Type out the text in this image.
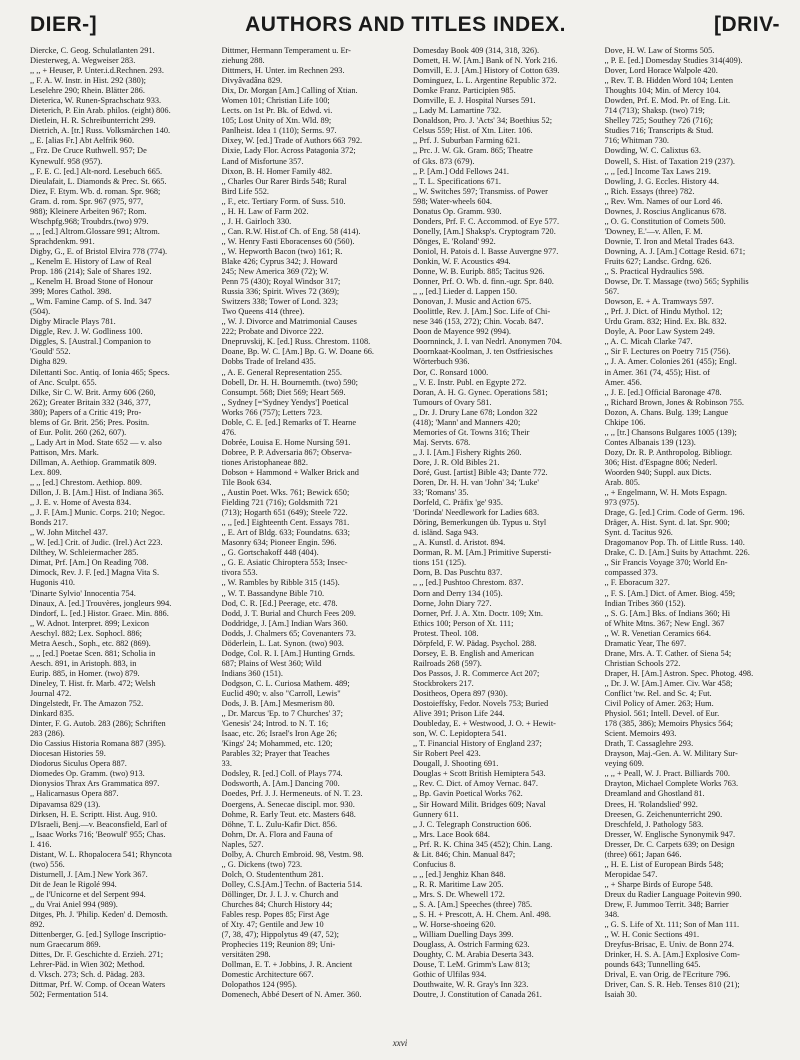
DIER-]	AUTHORS AND TITLES INDEX.	[DRIV-

Diercke, C. Geog. Schulatlanten 291.

Diesterweg, A. Wegweiser 283.

,, ,, + Heuser, P. Unter.i.d.Rechnen. 293.

,, F. A. W. Instr. in Hist. 292 (380);

Leselehre 290; Rhein. Blätter 286.

Dieterica, W. Runen-Sprachschatz 933.

Dieterich, P. Ein Arab. philos. (eight) 806.

Dietlein, H. R. Schreibunterricht 299.

Dietrich, A. [tr.] Russ. Volksmärchen 140.

,, E. [alias Fr.] Abt Aelfrik 960.

,, Frz. De Cruce Ruthwell. 957; De

Kynewulf. 958 (957).

,, F. E. C. [ed.] Alt-nord. Lesebuch 665.

Dieulafait, L. Diamonds & Prec. St. 665.

Diez, F. Etym. Wb. d. roman. Spr. 968;

Gram. d. rom. Spr. 967 (975, 977,

988); Kleinere Arbeiten 967; Rom.

Wtschpfg.968; Troubdrs.(two) 979.

,, ,, [ed.] Altrom.Glossare 991; Altrom.

Sprachdenkm. 991.

Digby, G., E. of Bristol Elvira 778 (774).

,, Kenelm E. History of Law of Real

Prop. 186 (214); Sale of Shares 192.

,, Kenelm H. Broad Stone of Honour

399; Mores Cathol. 398.

,, Wm. Famine Camp. of S. Ind. 347

(504).

Digby Miracle Plays 781.

Diggle, Rev. J. W. Godliness 100.

Diggles, S. [Austral.] Companion to

'Gould' 552.

Digha 829.

Dilettanti Soc. Antiq. of Ionia 465; Specs.

of Anc. Sculpt. 655.

Dilke, Sir C. W. Brit. Army 606 (260,

262); Greater Britain 332 (346, 377,

380); Papers of a Critic 419; Pro-

blems of Gr. Brit. 256; Pres. Positn.

of Eur. Polit. 260 (262, 607).

,, Lady Art in Mod. State 652 — v. also

Pattison, Mrs. Mark.

Dillman, A. Aethiop. Grammatik 809.

Lex. 809.

,, ,, [ed.] Chrestom. Aethiop. 809.

Dillon, J. B. [Am.] Hist. of Indiana 365.

,, J. E. v. Home of Avesta 834.

,, J. F. [Am.] Munic. Corps. 210; Negoc.

Bonds 217.

,, W. John Mitchel 437.

,, W. [ed.] Crit. of Judic. (Irel.) Act 223.

Dilthey, W. Schleiermacher 285.

Dimat, Prf. [Am.] On Reading 708.

Dimock, Rev. J. F. [ed.] Magna Vita S.

Hugonis 410.

'Dinarte Sylvio' Innocentia 754.

Dinaux, A. [ed.] Trouvères, jongleurs 994.

Dindorf, L. [ed.] Histor. Graec. Min. 886.

,, W. Adnot. Interpret. 899; Lexicon

Aeschyl. 882; Lex. Sophocl. 886;

Metra Aesch., Soph., etc. 882 (869).

,, ,, [ed.] Poetae Scen. 881; Scholia in

Aesch. 891, in Aristoph. 883, in

Eurip. 885, in Homer. (two) 879.

Dineley, T. Hist. fr. Marb. 472; Welsh

Journal 472.

Dingelstedt, Fr. The Amazon 752.

Dinkard 835.

Dinter, F. G. Autob. 283 (286); Schriften

283 (286).

Dio Cassius Historia Romana 887 (395).

Diocesan Histories 59.

Diodorus Siculus Opera 887.

Diomedes Op. Gramm. (two) 913.

Dionysios Thrax Ars Grammatica 897.

,, Halicarnasus Opera 887.

Dipavamsa 829 (13).

Dirksen, H. E. Scriptt. Hist. Aug. 910.

D'Israeli, Benj.—v. Beaconsfield, Earl of

,, Isaac Works 716; 'Beowulf' 955; Chas.

I. 416.

Distant, W. L. Rhopalocera 541; Rhyncota

(two) 556.

Disturnell, J. [Am.] New York 367.

Dit de Jean le Rigolé 994.

,, de l'Unicorne et del Serpent 994.

,, du Vrai Aniel 994 (989).

Ditges, Ph. J. 'Philip. Keden' d. Demosth.

892.

Dittenberger, G. [ed.] Sylloge Inscriptio-

num Graecarum 869.

Dittes, Dr. F. Geschichte d. Erzieh. 271;

Lehrer-Päd. in Wien 302; Method.

d. Vksch. 273; Sch. d. Pädag. 283.

Dittmar, Prf. W. Comp. of Ocean Waters

502; Fermentation 514.

Dittmer, Hermann Temperament u. Er-

ziehung 288.

Dittmers, H. Unter. im Rechnen 293.

Divyâvadâna 829.

Dix, Dr. Morgan [Am.] Calling of Xtian.

Women 101; Christian Life 100;

Lects. on 1st Pr. Bk. of Edwd. vi.

105; Lost Unity of Xtn. Wld. 89;

Panlheist. Idea 1 (110); Serms. 97.

Dixey, W. [ed.] Trade of Authors 663 792.

Dixie, Lady Flor. Across Patagonia 372;

Land of Misfortune 357.

Dixon, B. H. Homer Family 482.

,, Charles Our Rarer Birds 548; Rural

Bird Life 552.

,, F., etc. Tertiary Form. of Suss. 510.

,, H. H. Law of Farm 202.

,, J. H. Gairloch 330.

,, Can. R.W. Hist.of Ch. of Eng. 58 (414).

,, W. Henry Fasti Eboracenses 60 (560).

,, W. Hepworth Bacon (two) 161; R.

Blake 426; Cyprus 342; J. Howard

245; New America 369 (72); W.

Penn 75 (430); Royal Windsor 317;

Russia 336; Spirit. Wives 72 (369);

Switzers 338; Tower of Lond. 323;

Two Queens 414 (three).

,, W. J. Divorce and Matrimonial Causes

222; Probate and Divorce 222.

Dnepruvskij, K. [ed.] Russ. Chrestom. 1108.

Doane, Bp. W. C. [Am.] Bp. G. W. Doane 66.

Dobbs Trade of Ireland 435.

,, A. E. General Representation 255.

Dobell, Dr. H. H. Bournemth. (two) 590;

Consumpt. 568; Diet 569; Heart 569.

,, Sydney [='Sydney Yendys'] Poetical

Works 766 (757); Letters 723.

Doble, C. E. [ed.] Remarks of T. Hearne

476.

Dobrée, Louisa E. Home Nursing 591.

Dobree, P. P. Adversaria 867; Observa-

tiones Aristophaneae 882.

Dobson + Hammond + Walker Brick and

Tile Book 634.

,, Austin Poet. Wks. 761; Bewick 650;

Fielding 721 (716); Goldsmith 721

(713); Hogarth 651 (649); Steele 722.

,, ,, [ed.] Eighteenth Cent. Essays 781.

,, E. Art of Bldg. 633; Foundatns. 633;

Masonry 634; Pioneer Engin. 596.

,, G. Gortschakoff 448 (404).

,, G. E. Asiatic Chiroptera 553; Insec-

tivora 553.

,, W. Rambles by Ribble 315 (145).

,, W. T. Bassandyne Bible 710.

Dod, C. R. [Ed.] Peerage, etc. 478.

Dodd, J. T. Burial and Church Fees 209.

Doddridge, J. [Am.] Indian Wars 360.

Dodds, J. Chalmers 65; Covenanters 73.

Döderlein, L. Lat. Synon. (two) 903.

Dodge, Col. R. I. [Am.] Hunting Grnds.

687; Plains of West 360; Wild

Indians 360 (151).

Dodgson, C. L. Curiosa Mathem. 489;

Euclid 490; v. also "Carroll, Lewis"

Dods, J. B. [Am.] Mesmerism 80.

,, Dr. Marcus 'Ep. to 7 Churches' 37;

'Genesis' 24; Introd. to N. T. 16;

Isaac, etc. 26; Israel's Iron Age 26;

'Kings' 24; Mohammed, etc. 120;

Parables 32; Prayer that Teaches

33.

Dodsley, R. [ed.] Coll. of Plays 774.

Dodsworth, A. [Am.] Dancing 700.

Doedes, Prf. J. J. Hermeneuts. of N. T. 23.

Doergens, A. Senecae discipl. mor. 930.

Dohme, R. Early Teut. etc. Masters 648.

Döhne, T. L. Zulu-Kafir Dict. 856.

Dohrn, Dr. A. Flora and Fauna of

Naples, 527.

Dolby, A. Church Embroid. 98, Vestm. 98.

,, G. Dickens (two) 723.

Dolch, O. Studententhum 281.

Dolley, C.S.[Am.] Techn. of Bacteria 514.

Döllinger, Dr. J. I. J. v. Church and

Churches 84; Church History 44;

Fables resp. Popes 85; First Age

of Xty. 47; Gentile and Jew 10

(7, 38, 47); Hippolytus 49 (47, 52);

Prophecies 119; Reunion 89; Uni-

versitäten 298.

Dollman, E. T. + Jobbins, J. R. Ancient

Domestic Architecture 667.

Dolopathos 124 (995).

Domenech, Abbé Desert of N. Amer. 360.

Domesday Book 409 (314, 318, 326).

Domett, H. W. [Am.] Bank of N. York 216.

Domvill, E. J. [Am.] History of Cotton 639.

Dominguez, L. L. Argentine Republic 372.

Domke Franz. Participien 985.

Domville, E. J. Hospital Nurses 591.

,, Lady M. Lamartine 732.

Donaldson, Pro. J. 'Acts' 34; Boethius 52;

Celsus 559; Hist. of Xtn. Liter. 106.

,, Prf. J. Suburban Farming 621.

,, Prc. J. W. Gk. Gram. 865; Theatre

of Gks. 873 (679).

,, P. [Am.] Odd Fellows 241.

,, T. L. Specifications 671.

,, W. Switches 597; Transmiss. of Power

598; Water-wheels 604.

Donatus Op. Gramm. 930.

Donders, Prf. F. C. Accommod. of Eye 577.

Donelly, [Am.] Shaksp's. Cryptogram 720.

Dönges, E. 'Roland' 992.

Doniol, H. Patois d. l. Basse Auvergne 977.

Donkin, W. F. Acoustics 494.

Donne, W. B. Euripb. 885; Tacitus 926.

Donner, Prf. O. Wb. d. finn.-ugr. Spr. 840.

,, ,, [ed.] Lieder d. Lappen 150.

Donovan, J. Music and Action 675.

Doolittle, Rev. J. [Am.] Soc. Life of Chi-

nese 346 (153, 272); Chin. Vocab. 847.

Doon de Mayence 992 (994).

Doornninck, J. I. van Nedrl. Anonymen 704.

Doornkaat-Koolman, J. ten Ostfriesisches

Wörterbuch 936.

Dor, C. Ronsard 1000.

,, V. E. Instr. Publ. en Egypte 272.

Doran, A. H. G. Gynec. Operations 581;

Tumours of Ovary 581.

,, Dr. J. Drury Lane 678; London 322

(418); 'Mann' and Manners 420;

Memories of Gt. Towns 316; Their

Maj. Servts. 678.

,, J. I. [Am.] Fishery Rights 260.

Dore, J. R. Old Bibles 21.

Doré, Gust. [artist] Bible 43; Dante 772.

Doren, Dr. H. H. van 'John' 34; 'Luke'

33; 'Romans' 35.

Dorfeld, C. Präfix 'ge' 935.

'Dorinda' Needlework for Ladies 683.

Döring, Bemerkungen üb. Typus u. Styl

d. isländ. Saga 943.

,, A. Kunstl. d. Aristot. 894.

Dorman, R. M. [Am.] Primitive Supersti-

tions 151 (125).

Dorn, B. Das Puschtu 837.

,, ,, [ed.] Pushtoo Chrestom. 837.

Dorn and Derry 134 (105).

Dorne, John Diary 727.

Dorner, Prf. J. A. Xtn. Doctr. 109; Xtn.

Ethics 100; Person of Xt. 111;

Protest. Theol. 108.

Dörpfeld, F. W. Pädag. Psychol. 288.

Dorsey, E. B. English and American

Railroads 268 (597).

Dos Passos, J. R. Commerce Act 207;

Stockbrokers 217.

Dositheos, Opera 897 (930).

Dostoieffsky, Fedor. Novels 753; Buried

Alive 391; Prison Life 244.

Doubleday, E. + Westwood, J. O. + Hewit-

son, W. C. Lepidoptera 541.

,, T. Financial History of England 237;

Sir Robert Peel 423.

Dougall, J. Shooting 691.

Douglas + Scott British Hemiptera 543.

,, Rev. C. Dict. of Amoy Vernac. 847.

,, Bp. Gavin Poetical Works 762.

,, Sir Howard Milit. Bridges 609; Naval

Gunnery 611.

,, J. C. Telegraph Construction 606.

,, Mrs. Lace Book 684.

,, Prf. R. K. China 345 (452); Chin. Lang.

& Lit. 846; Chin. Manual 847;

Confucius 8.

,, ,, [ed.] Jenghiz Khan 848.

,, R. R. Maritime Law 205.

,, Mrs. S. Dr. Whewell 172.

,, S. A. [Am.] Speeches (three) 785.

,, S. H. + Prescott, A. H. Chem. Anl. 498.

,, W. Horse-shoeing 620.

,, William Duelling Days 399.

Douglass, A. Ostrich Farming 623.

Doughty, C. M. Arabia Deserta 343.

Douse, T. LeM. Grimm's Law 813;

Gothic of Ulfilas 934.

Douthwaite, W. R. Gray's Inn 323.

Doutre, J. Constitution of Canada 261.

Dove, H. W. Law of Storms 505.

,, P. E. [ed.] Domesday Studies 314(409).

Dover, Lord Horace Walpole 420.

,, Rev. T. B. Hidden Word 104; Lenten

Thoughts 104; Min. of Mercy 104.

Dowden, Prf. E. Mod. Pr. of Eng. Lit.

714 (713); Shaksp. (two) 719;

Shelley 725; Southey 726 (716);

Studies 716; Transcripts & Stud.

716; Whitman 730.

Dowding, W. C. Calixtus 63.

Dowell, S. Hist. of Taxation 219 (237).

,, ,, [ed.] Income Tax Laws 219.

Dowling, J. G. Eccles. History 44.

,, Rich. Essays (three) 782.

,, Rev. Wm. Names of our Lord 46.

Downes, J. Roscius Anglicanus 678.

,, O. G. Constitution of Comets 500.

'Downey, E.'—v. Allen, F. M.

Downie, T. Iron and Metal Trades 643.

Downing, A. J. [Am.] Cottage Resid. 671;

Fruits 627; Landsc. Grdng. 626.

,, S. Practical Hydraulics 598.

Dowse, Dr. T. Massage (two) 565; Syphilis

567.

Dowson, E. + A. Tramways 597.

,, Prf. J. Dict. of Hindu Mythol. 12;

Urdu Gram. 832; Hind. Ex. Bk. 832.

Doyle, A. Poor Law System 249.

,, A. C. Micah Clarke 747.

,, Sir F. Lectures on Poetry 715 (756).

,, J. A. Amer. Colonies 261 (455); Engl.

in Amer. 361 (74, 455); Hist. of

Amer. 456.

,, J. E. [ed.] Official Baronage 478.

,, Richard Brown, Jones & Robinson 755.

Dozon, A. Chans. Bulg. 139; Langue

Chkipe 106.

,, ,, [tr.] Chansons Bulgares 1005 (139);

Contes Albanais 139 (123).

Dozy, Dr. R. P. Anthropolog. Bibliogr.

306; Hist. d'Espagne 806; Nederl.

Woorden 940; Suppl. aux Dicts.

Arab. 805.

,, + Engelmann, W. H. Mots Espagn.

973 (975).

Drage, G. [ed.] Crim. Code of Germ. 196.

Dräger, A. Hist. Synt. d. lat. Spr. 900;

Synt. d. Tacitus 926.

Dragomanov Pop. Th. of Little Russ. 140.

Drake, C. D. [Am.] Suits by Attachmt. 226.

,, Sir Francis Voyage 370; World En-

compassed 373.

,, F. Eboracum 327.

,, F. S. [Am.] Dict. of Amer. Biog. 459;

Indian Tribes 360 (152).

,, S. G. [Am.] Bks. of Indians 360; Hi

of White Mtns. 367; New Engl. 367

,, W. R. Venetian Ceramics 664.

Dramatic Year, The 697.

Drane, Mrs. A. T. Cather. of Siena 54;

Christian Schools 272.

Draper, H. [Am.] Astron. Spec. Photog. 498.

,, Dr. J. W. [Am.] Amer. Civ. War 458;

Conflict 'tw. Rel. and Sc. 4; Fut.

Civil Policy of Amer. 263; Hum.

Physiol. 561; Intell. Devel. of Eur.

178 (385, 386); Memoirs Physics 564;

Scient. Memoirs 493.

Drath, T. Cassaglehre 293.

Drayson, Maj.-Gen. A. W. Military Sur-

veying 609.

,, ,, + Peall, W. J. Pract. Billiards 700.

Drayton, Michael Complete Works 763.

Dreamland and Ghostland 81.

Drees, H. 'Rolandslied' 992.

Dreesen, G. Zeichenunterricht 290.

Dreschfeld, J. Pathology 583.

Dresser, W. Englische Synonymik 947.

Dresser, Dr. C. Carpets 639; on Design

(three) 661; Japan 646.

,, H. E. List of European Birds 548;

Meropidae 547.

,, + Sharpe Birds of Europe 548.

Dreux du Radier Language Poitevin 990.

Drew, F. Jummoo Territ. 348; Barrier

348.

,, G. S. Life of Xt. 111; Son of Man 111.

,, W. H. Conic Sections 491.

Dreyfus-Brisac, E. Univ. de Bonn 274.

Drinker, H. S. A. [Am.] Explosive Com-

pounds 643; Tunnelling 645.

Drival, E. van Orig. de l'Ecriture 796.

Driver, Can. S. R. Heb. Tenses 810 (21);

Isaiah 30.

xxvi
